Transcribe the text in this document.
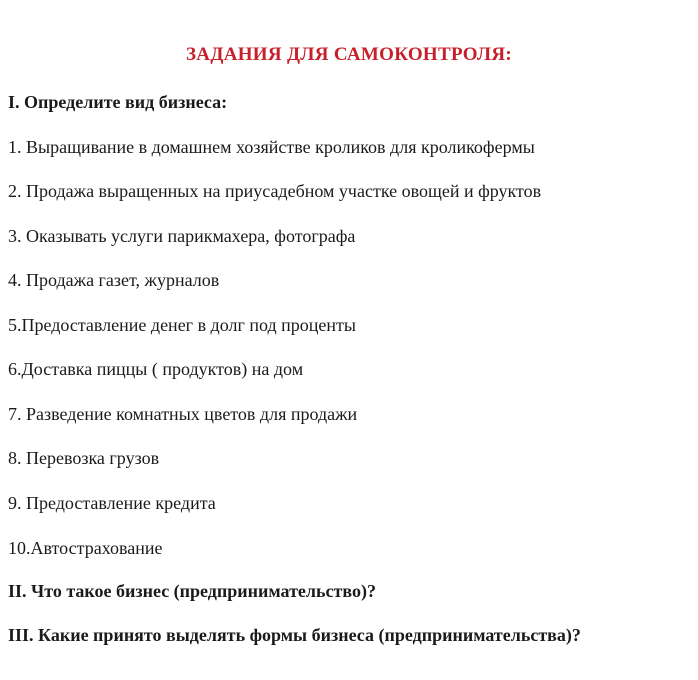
ЗАДАНИЯ ДЛЯ САМОКОНТРОЛЯ:
I. Определите вид бизнеса:
1. Выращивание в домашнем хозяйстве кроликов для кроликофермы
2. Продажа выращенных на приусадебном участке овощей и фруктов
3. Оказывать услуги парикмахера, фотографа
4. Продажа газет, журналов
5.Предоставление денег в долг под проценты
6.Доставка пиццы ( продуктов) на дом
7. Разведение комнатных цветов для продажи
8. Перевозка грузов
9. Предоставление кредита
10.Автострахование
II. Что такое бизнес (предпринимательство)?
III. Какие принято выделять формы бизнеса (предпринимательства)?
